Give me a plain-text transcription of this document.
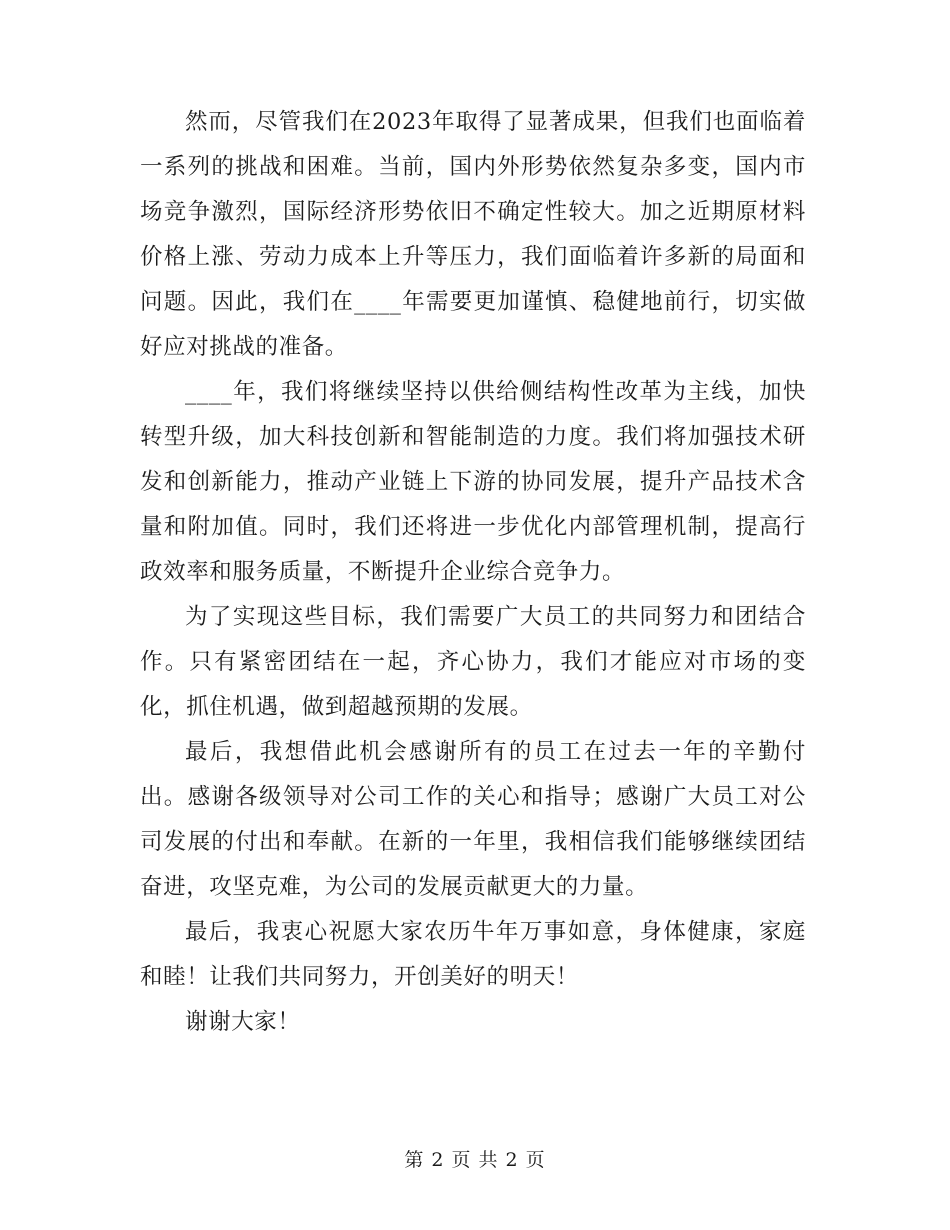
然而，尽管我们在2023年取得了显著成果，但我们也面临着一系列的挑战和困难。当前，国内外形势依然复杂多变，国内市场竞争激烈，国际经济形势依旧不确定性较大。加之近期原材料价格上涨、劳动力成本上升等压力，我们面临着许多新的局面和问题。因此，我们在____年需要更加谨慎、稳健地前行，切实做好应对挑战的准备。

____年，我们将继续坚持以供给侧结构性改革为主线，加快转型升级，加大科技创新和智能制造的力度。我们将加强技术研发和创新能力，推动产业链上下游的协同发展，提升产品技术含量和附加值。同时，我们还将进一步优化内部管理机制，提高行政效率和服务质量，不断提升企业综合竞争力。

为了实现这些目标，我们需要广大员工的共同努力和团结合作。只有紧密团结在一起，齐心协力，我们才能应对市场的变化，抓住机遇，做到超越预期的发展。

最后，我想借此机会感谢所有的员工在过去一年的辛勤付出。感谢各级领导对公司工作的关心和指导；感谢广大员工对公司发展的付出和奉献。在新的一年里，我相信我们能够继续团结奋进，攻坚克难，为公司的发展贡献更大的力量。

最后，我衷心祝愿大家农历牛年万事如意，身体健康，家庭和睦！让我们共同努力，开创美好的明天！

谢谢大家！

第 2 页 共 2 页
